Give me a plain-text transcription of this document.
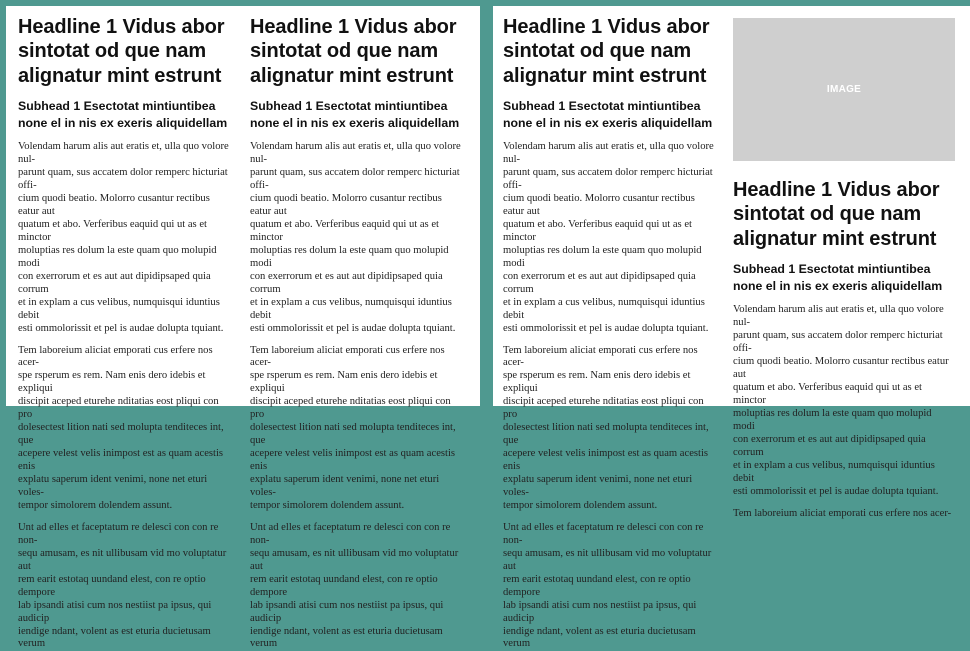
Headline 1 Vidus abor
sintotat od que nam
alignatur mint estrunt
Subhead 1 Esectotat mintiuntibea
none el in nis ex exeris aliquidellam
Volendam harum alis aut eratis et, ulla quo volore nul-
parunt quam, sus accatem dolor remperc hicturiat offi-
cium quodi beatio. Molorro cusantur rectibus eatur aut
quatum et abo. Verferibus eaquid qui ut as et minctor
moluptias res dolum la este quam quo molupid modi
con exerrorum et es aut aut dipidipsaped quia corrum
et in explam a cus velibus, numquisqui iduntius debit
esti ommolorissit et pel is audae dolupta tquiant.
Tem laboreium aliciat emporati cus erfere nos acer-
spe rsperum es rem. Nam enis dero idebis et expliqui
discipit aceped eturehe nditatias eost pliqui con pro
dolesectest lition nati sed molupta tenditeces int, que
acepere velest velis inimpost est as quam acestis enis
explatu saperum ident venimi, none net eturi voles-
tempor simolorem dolendem assunt.
Unt ad elles et faceptatum re delesci con con re non-
sequ amusam, es nit ullibusam vid mo voluptatur aut
rem earit estotaq uundand elest, con re optio dempore
lab ipsandi atisi cum nos nestiist pa ipsus, qui audicip
iendige ndant, volent as est eturia ducietusam verum
Headline 1 Vidus abor
sintotat od que nam
alignatur mint estrunt
Subhead 1 Esectotat mintiuntibea
none el in nis ex exeris aliquidellam
Volendam harum alis aut eratis et, ulla quo volore nul-
parunt quam, sus accatem dolor remperc hicturiat offi-
cium quodi beatio. Molorro cusantur rectibus eatur aut
quatum et abo. Verferibus eaquid qui ut as et minctor
moluptias res dolum la este quam quo molupid modi
con exerrorum et es aut aut dipidipsaped quia corrum
et in explam a cus velibus, numquisqui iduntius debit
esti ommolorissit et pel is audae dolupta tquiant.
Tem laboreium aliciat emporati cus erfere nos acer-
spe rsperum es rem. Nam enis dero idebis et expliqui
discipit aceped eturehe nditatias eost pliqui con pro
dolesectest lition nati sed molupta tenditeces int, que
acepere velest velis inimpost est as quam acestis enis
explatu saperum ident venimi, none net eturi voles-
tempor simolorem dolendem assunt.
Unt ad elles et faceptatum re delesci con con re non-
sequ amusam, es nit ullibusam vid mo voluptatur aut
rem earit estotaq uundand elest, con re optio dempore
lab ipsandi atisi cum nos nestiist pa ipsus, qui audicip
iendige ndant, volent as est eturia ducietusam verum
Headline 1 Vidus abor
sintotat od que nam
alignatur mint estrunt
Subhead 1 Esectotat mintiuntibea
none el in nis ex exeris aliquidellam
Volendam harum alis aut eratis et, ulla quo volore nul-
parunt quam, sus accatem dolor remperc hicturiat offi-
cium quodi beatio. Molorro cusantur rectibus eatur aut
quatum et abo. Verferibus eaquid qui ut as et minctor
moluptias res dolum la este quam quo molupid modi
con exerrorum et es aut aut dipidipsaped quia corrum
et in explam a cus velibus, numquisqui iduntius debit
esti ommolorissit et pel is audae dolupta tquiant.
Tem laboreium aliciat emporati cus erfere nos acer-
spe rsperum es rem. Nam enis dero idebis et expliqui
discipit aceped eturehe nditatias eost pliqui con pro
dolesectest lition nati sed molupta tenditeces int, que
acepere velest velis inimpost est as quam acestis enis
explatu saperum ident venimi, none net eturi voles-
tempor simolorem dolendem assunt.
Unt ad elles et faceptatum re delesci con con re non-
sequ amusam, es nit ullibusam vid mo voluptatur aut
rem earit estotaq uundand elest, con re optio dempore
lab ipsandi atisi cum nos nestiist pa ipsus, qui audicip
iendige ndant, volent as est eturia ducietusam verum
IMAGE
Headline 1 Vidus abor
sintotat od que nam
alignatur mint estrunt
Subhead 1 Esectotat mintiuntibea
none el in nis ex exeris aliquidellam
Volendam harum alis aut eratis et, ulla quo volore nul-
parunt quam, sus accatem dolor remperc hicturiat offi-
cium quodi beatio. Molorro cusantur rectibus eatur aut
quatum et abo. Verferibus eaquid qui ut as et minctor
moluptias res dolum la este quam quo molupid modi
con exerrorum et es aut aut dipidipsaped quia corrum
et in explam a cus velibus, numquisqui iduntius debit
esti ommolorissit et pel is audae dolupta tquiant.
Tem laboreium aliciat emporati cus erfere nos acer-
